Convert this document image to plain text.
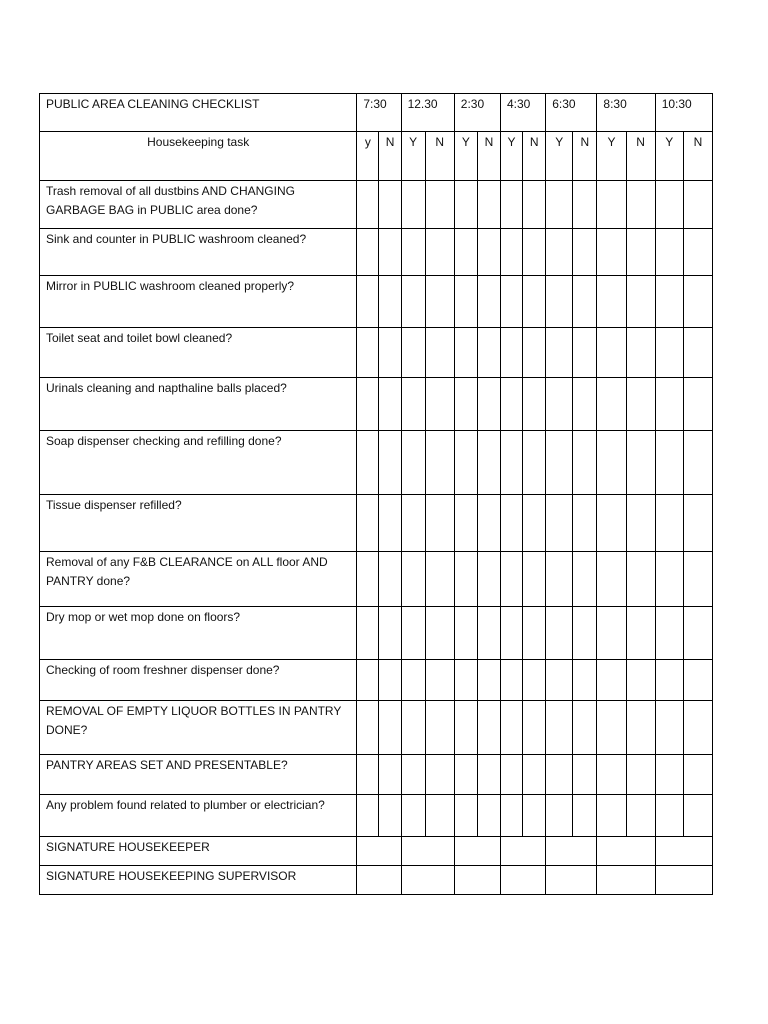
PUBLIC AREA CLEANING CHECKLIST	7:30		12.30		2:30		4:30		6:30		8:30		10:30	
Housekeeping task	y	N	Y	N	Y	N	Y	N	Y	N	Y	N	Y	N
Trash removal of all dustbins AND CHANGING GARBAGE BAG in PUBLIC area done?														
Sink and counter in PUBLIC washroom cleaned?														
Mirror in PUBLIC washroom cleaned properly?														
Toilet seat and toilet bowl cleaned?														
Urinals cleaning and napthaline balls placed?														
Soap dispenser checking and refilling done?														
Tissue dispenser refilled?														
Removal of any F&B CLEARANCE on ALL floor AND PANTRY done?														
Dry mop or wet mop done on floors?														
Checking of room freshner dispenser done?														
REMOVAL OF EMPTY LIQUOR BOTTLES IN PANTRY DONE?														
PANTRY AREAS SET AND PRESENTABLE?														
Any problem found related to plumber or electrician?														
SIGNATURE HOUSEKEEPER														
SIGNATURE HOUSEKEEPING SUPERVISOR														
